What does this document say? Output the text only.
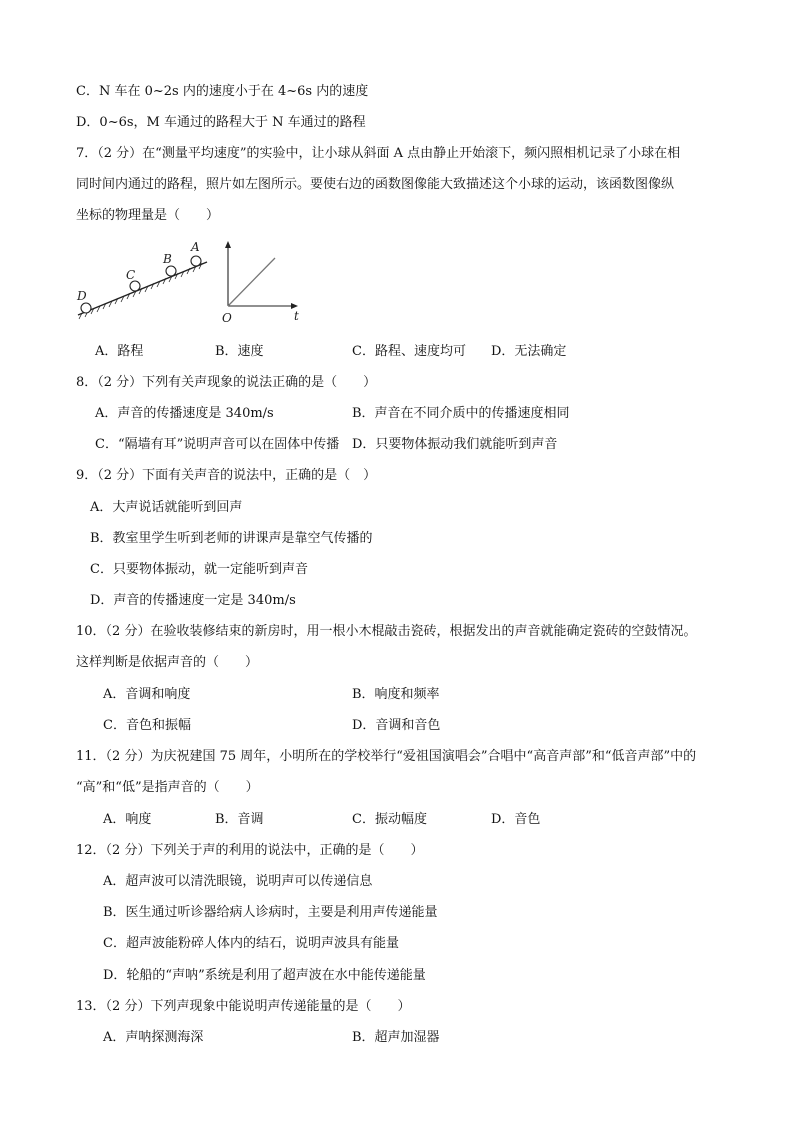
C．N 车在 0~2s 内的速度小于在 4~6s 内的速度
D．0~6s，M 车通过的路程大于 N 车通过的路程
7．（2 分）在“测量平均速度”的实验中，让小球从斜面 A 点由静止开始滚下，频闪照相机记录了小球在相
同时间内通过的路程，照片如左图所示。要使右边的函数图像能大致描述这个小球的运动，该函数图像纵
坐标的物理量是（　　）
A
B
C
D
O	t
A．路程	B．速度	C．路程、速度均可 D．无法确定
8．（2 分）下列有关声现象的说法正确的是（　　）
A．声音的传播速度是 340m/s	B．声音在不同介质中的传播速度相同
C．“隔墙有耳”说明声音可以在固体中传播 D．只要物体振动我们就能听到声音
9．（2 分）下面有关声音的说法中，正确的是（　）
A．大声说话就能听到回声
B．教室里学生听到老师的讲课声是靠空气传播的
C．只要物体振动，就一定能听到声音
D．声音的传播速度一定是 340m/s
10．（2 分）在验收装修结束的新房时，用一根小木棍敲击瓷砖，根据发出的声音就能确定瓷砖的空鼓情况。
这样判断是依据声音的（　　）
A．音调和响度	B．响度和频率
C．音色和振幅	D．音调和音色
11．（2 分）为庆祝建国 75 周年，小明所在的学校举行“爱祖国演唱会”合唱中“高音声部”和“低音声部”中的
“高”和“低”是指声音的（　　）
A．响度	B．音调	C．振动幅度	D．音色
12．（2 分）下列关于声的利用的说法中，正确的是（　　）
A．超声波可以清洗眼镜，说明声可以传递信息
B．医生通过听诊器给病人诊病时，主要是利用声传递能量
C．超声波能粉碎人体内的结石，说明声波具有能量
D．轮船的“声呐”系统是利用了超声波在水中能传递能量
13．（2 分）下列声现象中能说明声传递能量的是（　　）
A．声呐探测海深	B．超声加湿器
